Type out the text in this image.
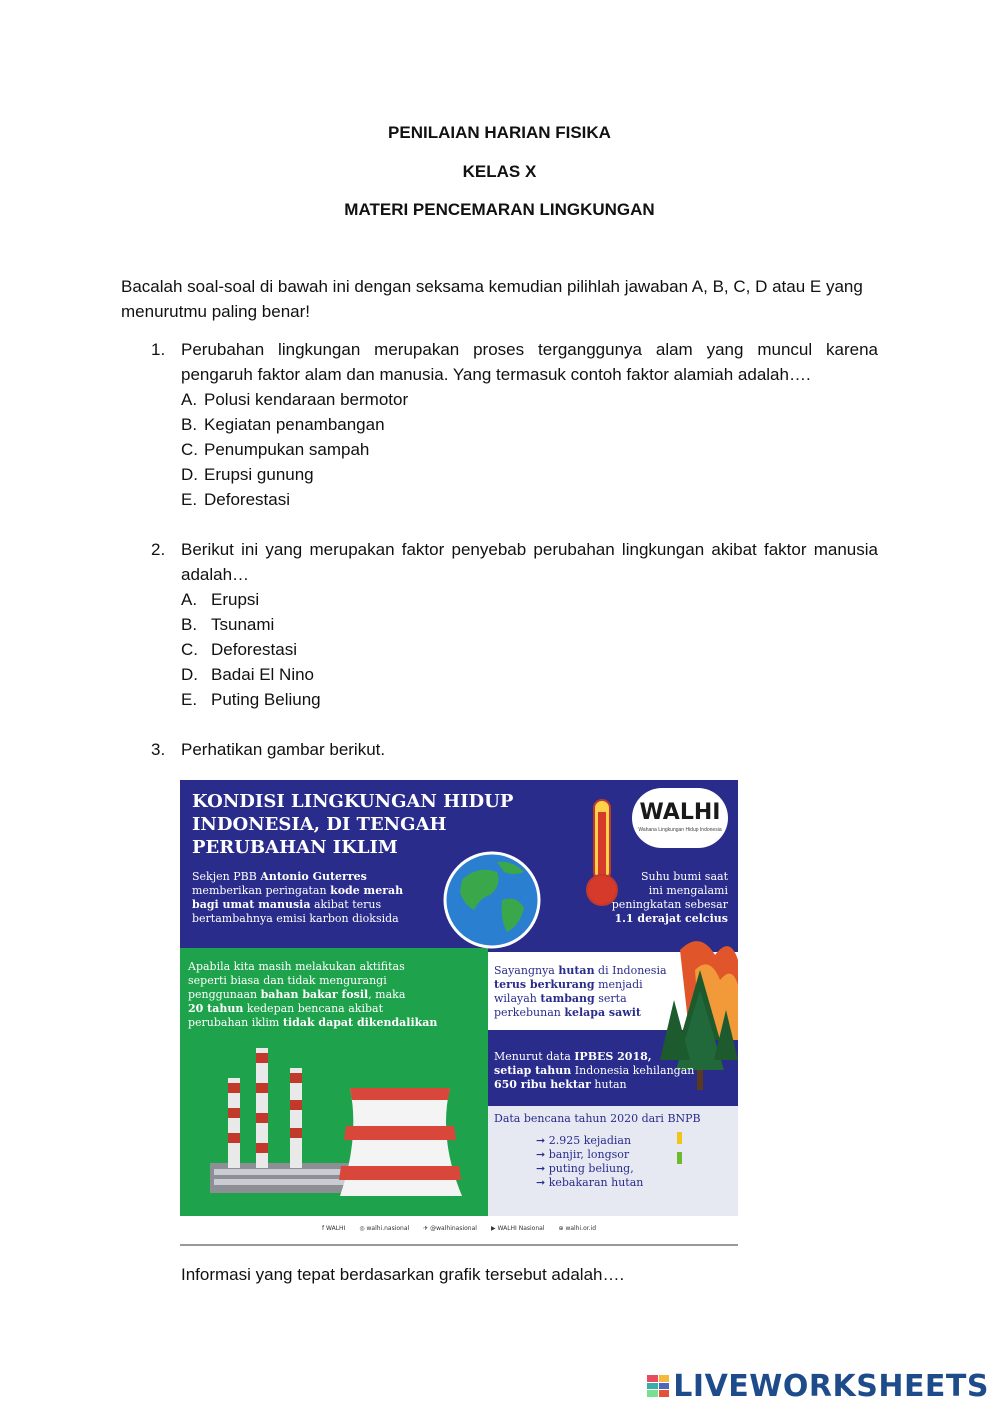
PENILAIAN HARIAN FISIKA
KELAS X
MATERI PENCEMARAN LINGKUNGAN
Bacalah soal-soal di bawah ini dengan seksama kemudian pilihlah jawaban A, B, C, D atau E yang
menurutmu paling benar!
1. Perubahan lingkungan merupakan proses terganggunya alam yang muncul karena pengaruh faktor alam dan manusia. Yang termasuk contoh faktor alamiah adalah….
A. Polusi kendaraan bermotor
B. Kegiatan penambangan
C. Penumpukan sampah
D. Erupsi gunung
E. Deforestasi
2. Berikut ini yang merupakan faktor penyebab perubahan lingkungan akibat faktor manusia adalah…
A. Erupsi
B. Tsunami
C. Deforestasi
D. Badai El Nino
E. Puting Beliung
3. Perhatikan gambar berikut.
KONDISI LINGKUNGAN HIDUP
INDONESIA, DI TENGAH
PERUBAHAN IKLIM
WALHI
Wahana Lingkungan Hidup Indonesia
Sekjen PBB Antonio Guterres
memberikan peringatan kode merah
bagi umat manusia akibat terus
bertambahnya emisi karbon dioksida
Suhu bumi saat
ini mengalami
peningkatan sebesar
1.1 derajat celcius
Apabila kita masih melakukan aktifitas
seperti biasa dan tidak mengurangi
penggunaan bahan bakar fosil, maka
20 tahun kedepan bencana akibat
perubahan iklim tidak dapat dikendalikan
Sayangnya hutan di Indonesia
terus berkurang menjadi
wilayah tambang serta
perkebunan kelapa sawit
Menurut data IPBES 2018,
setiap tahun Indonesia kehilangan
650 ribu hektar hutan
Data bencana tahun 2020 dari BNPB
➞ 2.925 kejadian
➞ banjir, longsor
➞ puting beliung,
➞ kebakaran hutan
f WALHI ◎ walhi.nasional ✈ @walhinasional ▶ WALHI Nasional ⊕ walhi.or.id
Informasi yang tepat berdasarkan grafik tersebut adalah….
LIVEWORKSHEETS
